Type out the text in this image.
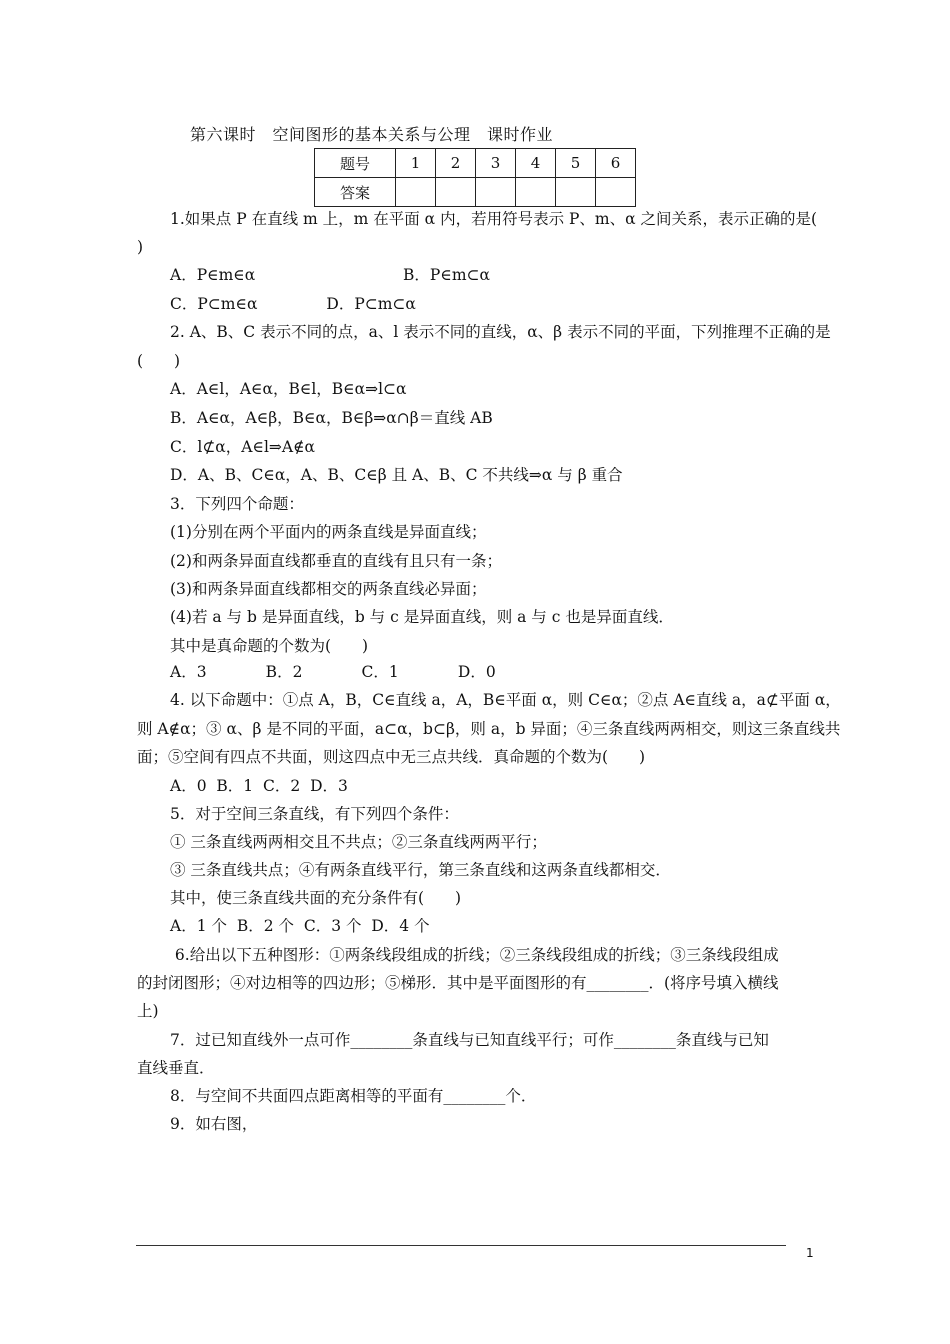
第六课时　空间图形的基本关系与公理　课时作业
题号	1	2	3	4	5	6
答案						
1.如果点 P 在直线 m 上，m 在平面 α 内，若用符号表示 P、m、α 之间关系，表示正确的是(
)
A．P∈m∈α                              B．P∈m⊂α
C．P⊂m∈α              D．P⊂m⊂α
2. A、B、C 表示不同的点，a、l 表示不同的直线，α、β 表示不同的平面，下列推理不正确的是
(　　)
A．A∈l，A∈α，B∈l，B∈α⇒l⊂α
B．A∈α，A∈β，B∈α，B∈β⇒α∩β＝直线 AB
C．l⊄α，A∈l⇒A∉α
D．A、B、C∈α，A、B、C∈β 且 A、B、C 不共线⇒α 与 β 重合
3．下列四个命题：
(1)分别在两个平面内的两条直线是异面直线；
(2)和两条异面直线都垂直的直线有且只有一条；
(3)和两条异面直线都相交的两条直线必异面；
(4)若 a 与 b 是异面直线，b 与 c 是异面直线，则 a 与 c 也是异面直线．
其中是真命题的个数为(　　)
A．3            B．2            C．1            D．0
4. 以下命题中：①点 A，B，C∈直线 a，A，B∈平面 α，则 C∈α；②点 A∈直线 a，a⊄平面 α，
则 A∉α；③ α、β 是不同的平面，a⊂α，b⊂β，则 a，b 异面；④三条直线两两相交，则这三条直线共
面；⑤空间有四点不共面，则这四点中无三点共线．真命题的个数为(　　)
A．0  B．1  C．2  D．3
5．对于空间三条直线，有下列四个条件：
① 三条直线两两相交且不共点；②三条直线两两平行；
③ 三条直线共点；④有两条直线平行，第三条直线和这两条直线都相交．
其中，使三条直线共面的充分条件有(　　)
A．1 个  B．2 个  C．3 个  D．4 个
6.给出以下五种图形：①两条线段组成的折线；②三条线段组成的折线；③三条线段组成
的封闭图形；④对边相等的四边形；⑤梯形．其中是平面图形的有________．(将序号填入横线
上)
7．过已知直线外一点可作________条直线与已知直线平行；可作________条直线与已知
直线垂直．
8．与空间不共面四点距离相等的平面有________个．
9．如右图，
1
